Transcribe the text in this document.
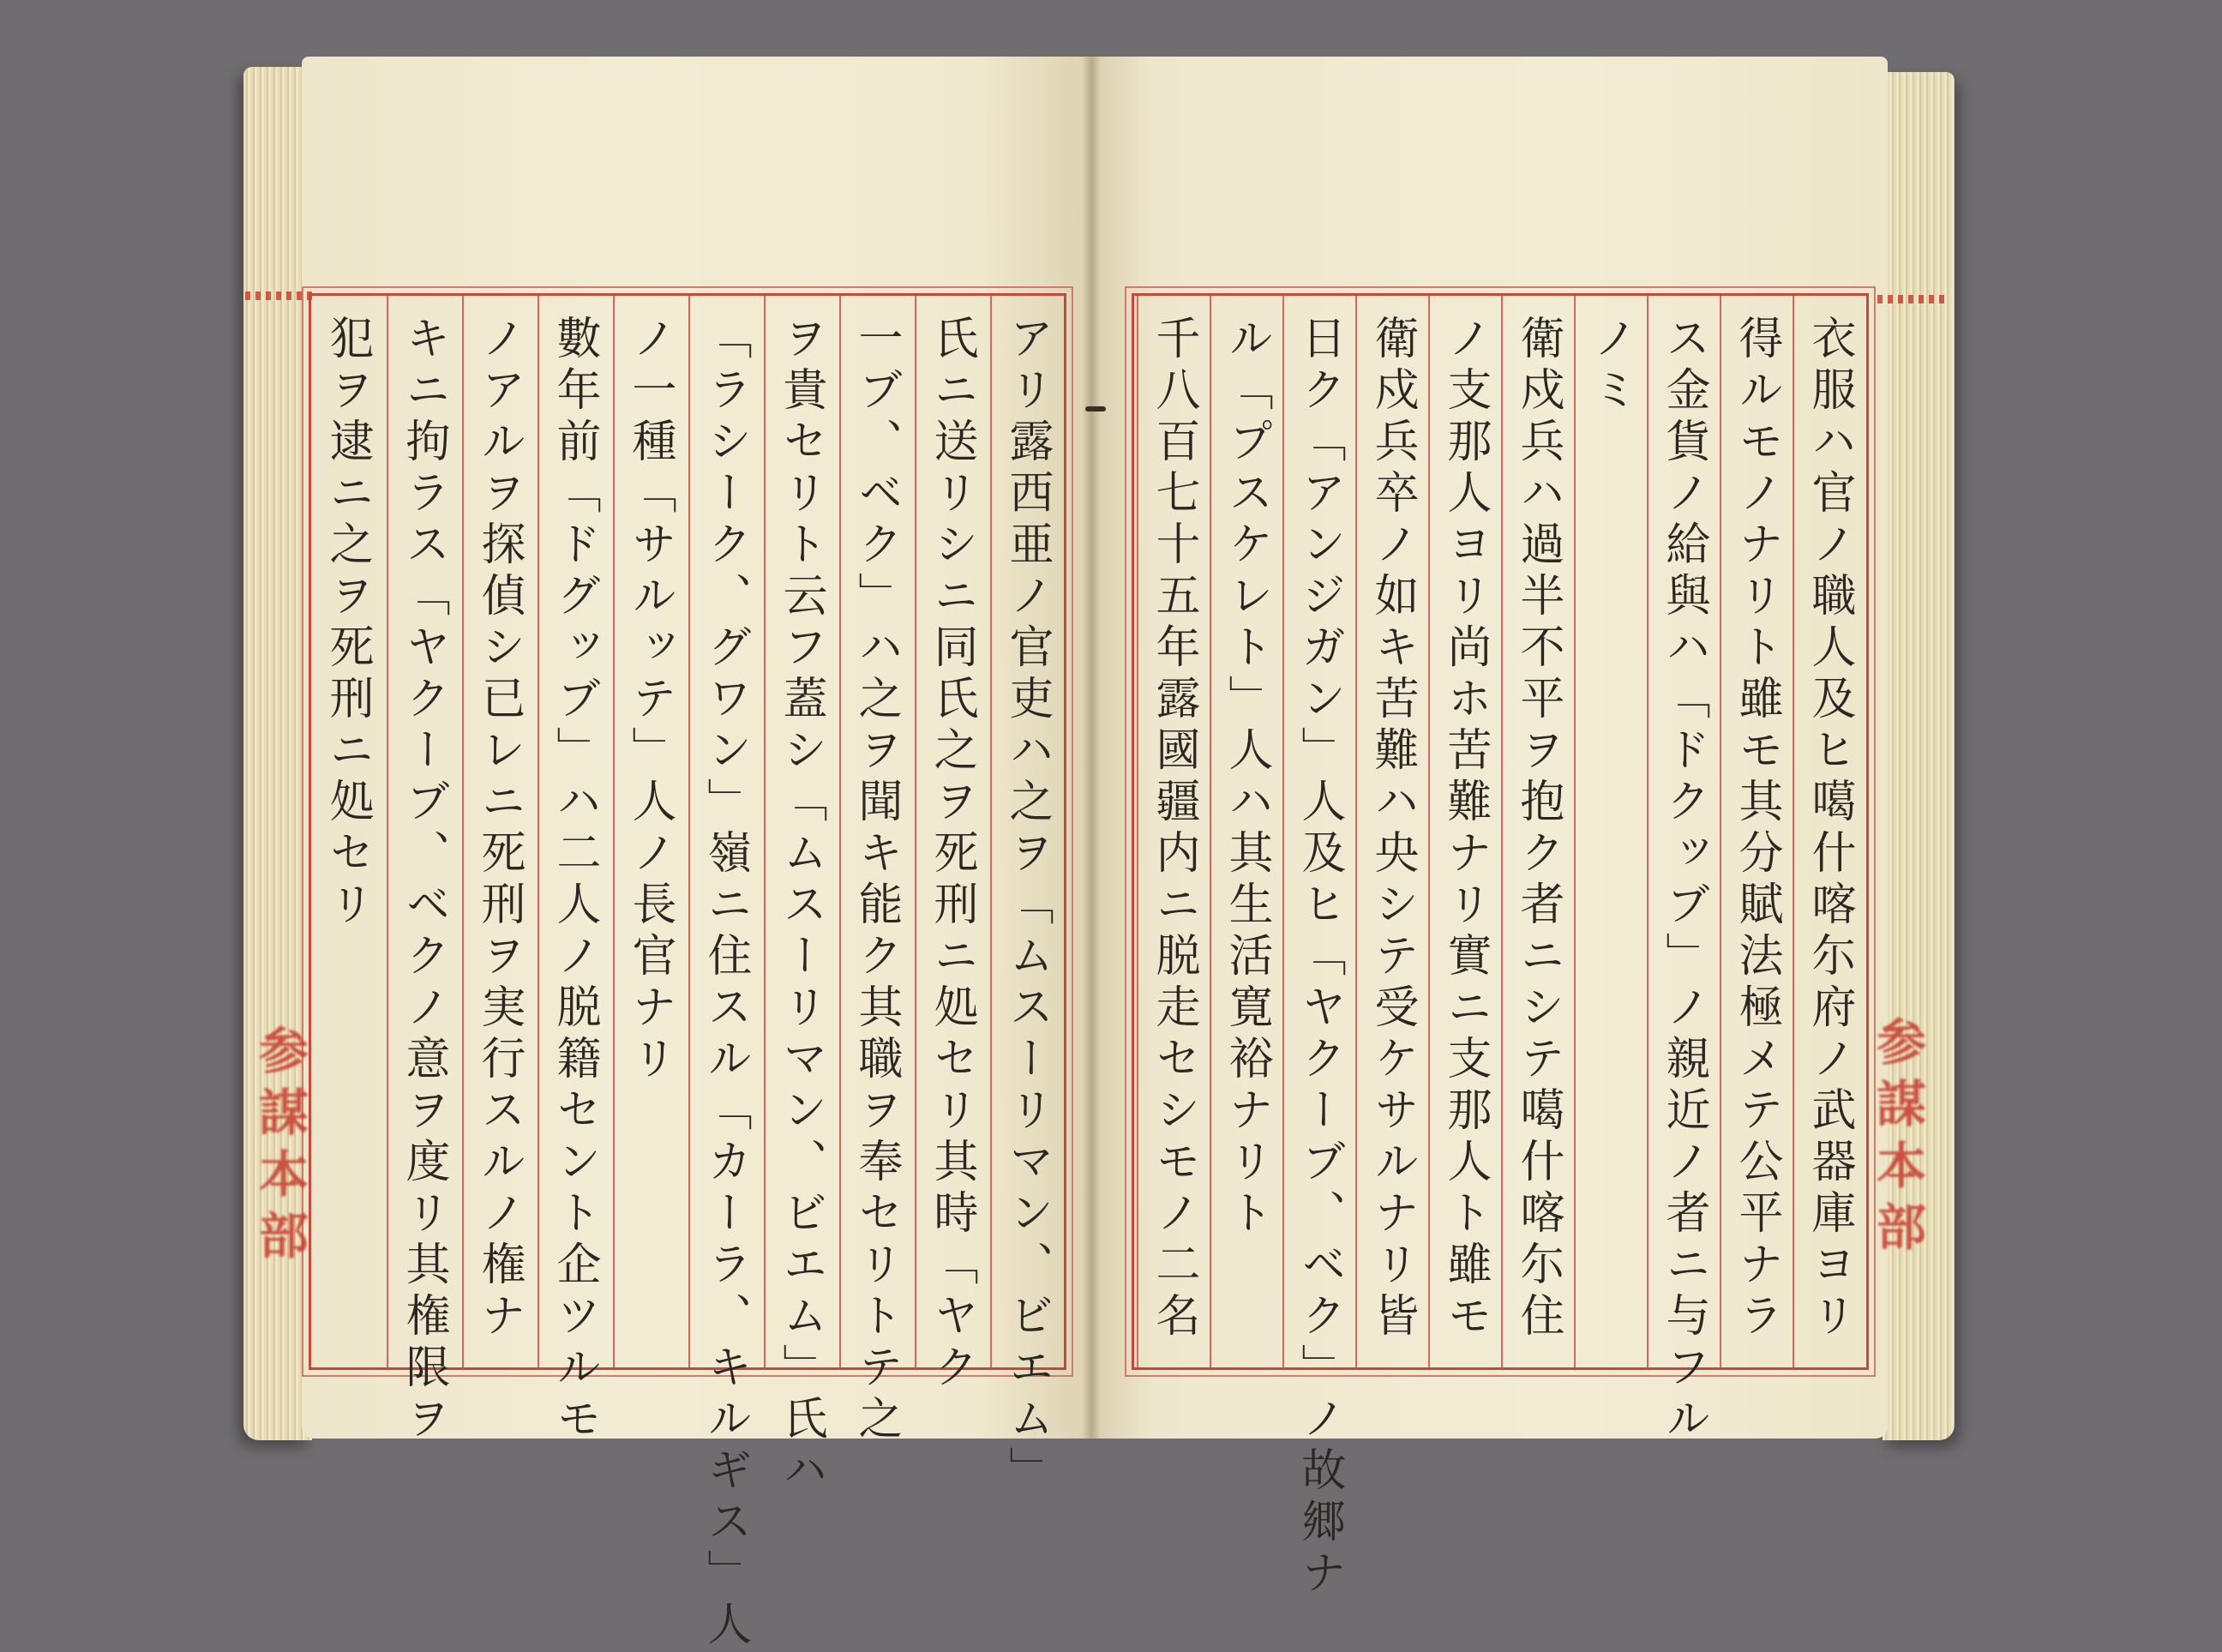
犯ヲ逮ニ之ヲ死刑ニ処セリ キニ拘ラス「ヤクーブ、ベクノ意ヲ度リ其権限ヲ ノアルヲ探偵シ已レニ死刑ヲ実行スルノ権ナ 數年前「ドグッブ」ハ二人ノ脱籍セント企ツルモ ノ一種「サルッテ」人ノ長官ナリ 「ラシーク、グワン」嶺ニ住スル「カーラ、キルギス」人 ヲ貴セリト云フ蓋シ「ムスーリマン、ビエム」氏ハ 一ブ、ベク」ハ之ヲ聞キ能ク其職ヲ奉セリトテ之 氏ニ送リシニ同氏之ヲ死刑ニ処セリ其時「ヤク アリ露西亜ノ官吏ハ之ヲ「ムスーリマン、ビエム」	衣服ハ官ノ職人及ヒ噶什喀尓府ノ武器庫ヨリ
得ルモノナリト雖モ其分賦法極メテ公平ナラ
ス金貨ノ給與ハ「ドクッブ」ノ親近ノ者ニ与フル
ノミ
衛戍兵ハ過半不平ヲ抱ク者ニシテ噶什喀尓住
ノ支那人ヨリ尚ホ苦難ナリ實ニ支那人ト雖モ
衛戍兵卒ノ如キ苦難ハ央シテ受ケサルナリ皆
日ク「アンジガン」人及ヒ「ヤクーブ、ベク」ノ故郷ナ
ル「プスケレト」人ハ其生活寛裕ナリト
千八百七十五年露國疆内ニ脱走セシモノ二名
参
謀
本
部
参
謀
本
部
